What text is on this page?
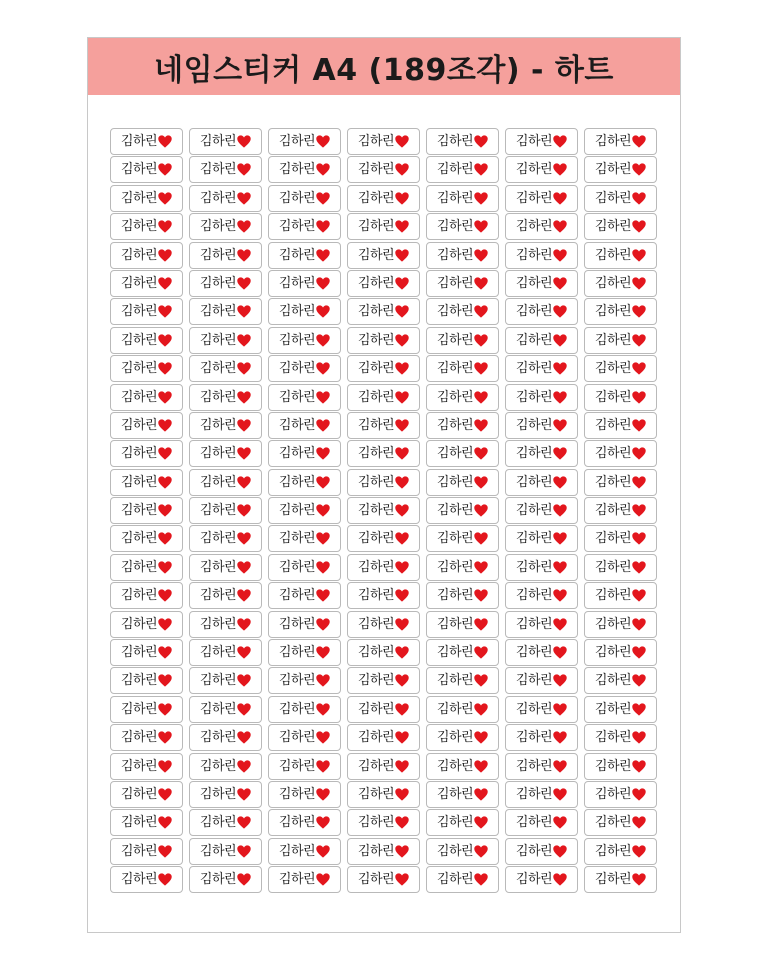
네임스티커 A4 (189조각) - 하트
김하린	김하린	김하린	김하린	김하린	김하린	김하린
김하린	김하린	김하린	김하린	김하린	김하린	김하린
김하린	김하린	김하린	김하린	김하린	김하린	김하린
김하린	김하린	김하린	김하린	김하린	김하린	김하린
김하린	김하린	김하린	김하린	김하린	김하린	김하린
김하린	김하린	김하린	김하린	김하린	김하린	김하린
김하린	김하린	김하린	김하린	김하린	김하린	김하린
김하린	김하린	김하린	김하린	김하린	김하린	김하린
김하린	김하린	김하린	김하린	김하린	김하린	김하린
김하린	김하린	김하린	김하린	김하린	김하린	김하린
김하린	김하린	김하린	김하린	김하린	김하린	김하린
김하린	김하린	김하린	김하린	김하린	김하린	김하린
김하린	김하린	김하린	김하린	김하린	김하린	김하린
김하린	김하린	김하린	김하린	김하린	김하린	김하린
김하린	김하린	김하린	김하린	김하린	김하린	김하린
김하린	김하린	김하린	김하린	김하린	김하린	김하린
김하린	김하린	김하린	김하린	김하린	김하린	김하린
김하린	김하린	김하린	김하린	김하린	김하린	김하린
김하린	김하린	김하린	김하린	김하린	김하린	김하린
김하린	김하린	김하린	김하린	김하린	김하린	김하린
김하린	김하린	김하린	김하린	김하린	김하린	김하린
김하린	김하린	김하린	김하린	김하린	김하린	김하린
김하린	김하린	김하린	김하린	김하린	김하린	김하린
김하린	김하린	김하린	김하린	김하린	김하린	김하린
김하린	김하린	김하린	김하린	김하린	김하린	김하린
김하린	김하린	김하린	김하린	김하린	김하린	김하린
김하린	김하린	김하린	김하린	김하린	김하린	김하린
